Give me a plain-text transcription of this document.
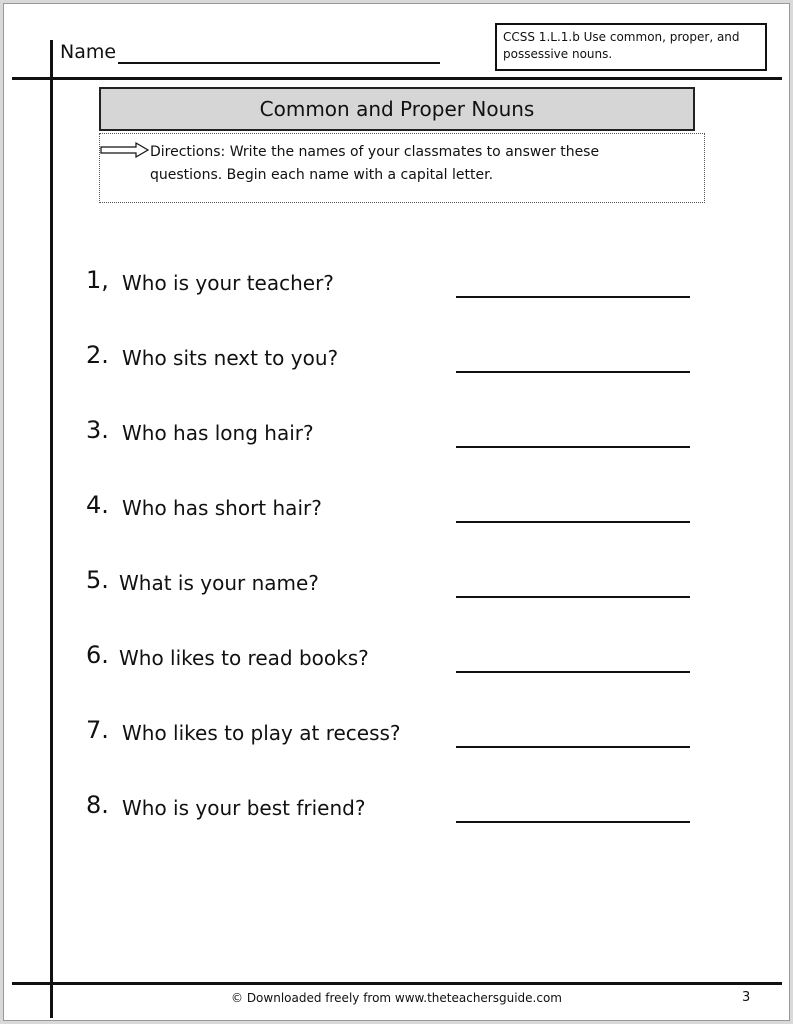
Name
CCSS 1.L.1.b Use common, proper, and
possessive nouns.
Common and Proper Nouns
Directions: Write the names of your classmates to answer these
questions. Begin each name with a capital letter.
1, Who is your teacher?
2. Who sits next to you?
3. Who has long hair?
4. Who has short hair?
5. What is your name?
6. Who likes to read books?
7. Who likes to play at recess?
8. Who is your best friend?
© Downloaded freely from www.theteachersguide.com	3
